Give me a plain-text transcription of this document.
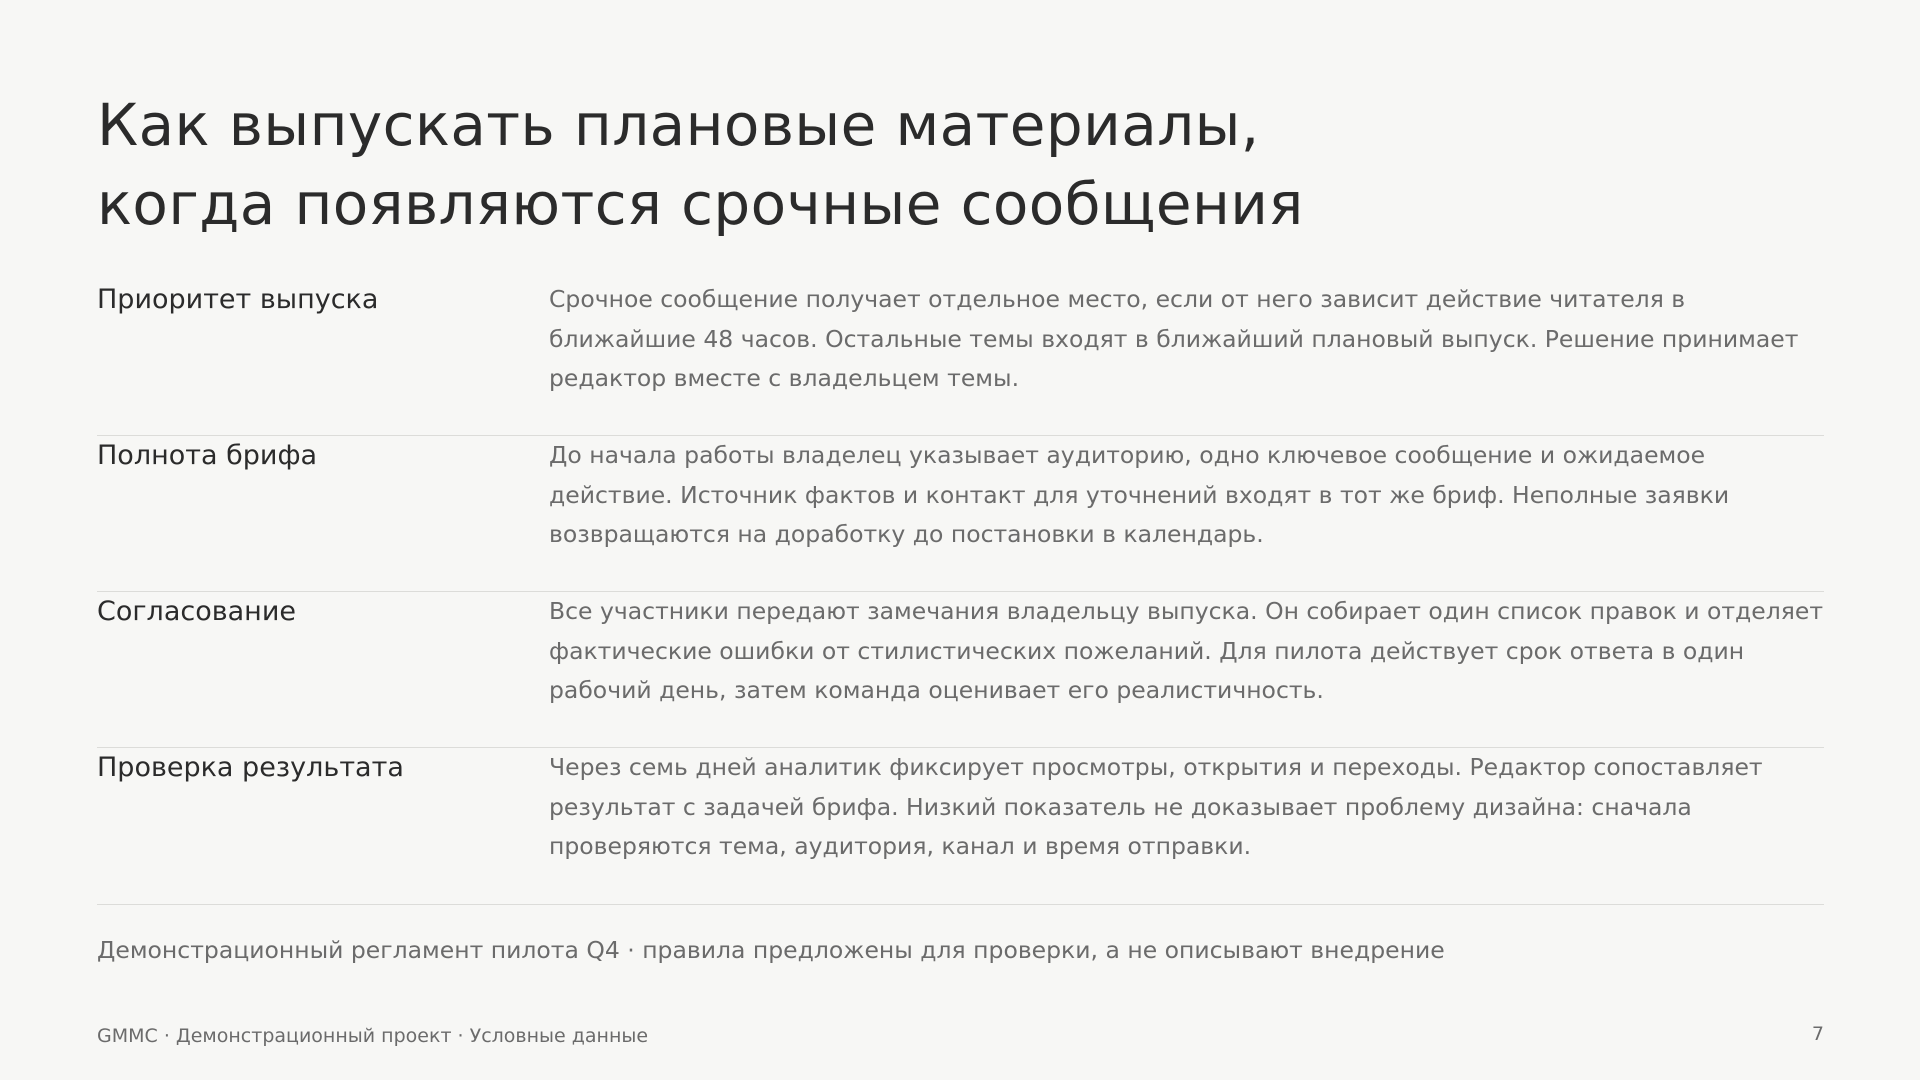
Как выпускать плановые материалы,
когда появляются срочные сообщения
Приоритет выпуска	Срочное сообщение получает отдельное место, если от него зависит действие читателя в
ближайшие 48 часов. Остальные темы входят в ближайший плановый выпуск. Решение принимает
редактор вместе с владельцем темы.
Полнота брифа	До начала работы владелец указывает аудиторию, одно ключевое сообщение и ожидаемое
действие. Источник фактов и контакт для уточнений входят в тот же бриф. Неполные заявки
возвращаются на доработку до постановки в календарь.
Согласование	Все участники передают замечания владельцу выпуска. Он собирает один список правок и отделяет
фактические ошибки от стилистических пожеланий. Для пилота действует срок ответа в один
рабочий день, затем команда оценивает его реалистичность.
Проверка результата	Через семь дней аналитик фиксирует просмотры, открытия и переходы. Редактор сопоставляет
результат с задачей брифа. Низкий показатель не доказывает проблему дизайна: сначала
проверяются тема, аудитория, канал и время отправки.
Демонстрационный регламент пилота Q4 · правила предложены для проверки, а не описывают внедрение
GMMC · Демонстрационный проект · Условные данные	7
